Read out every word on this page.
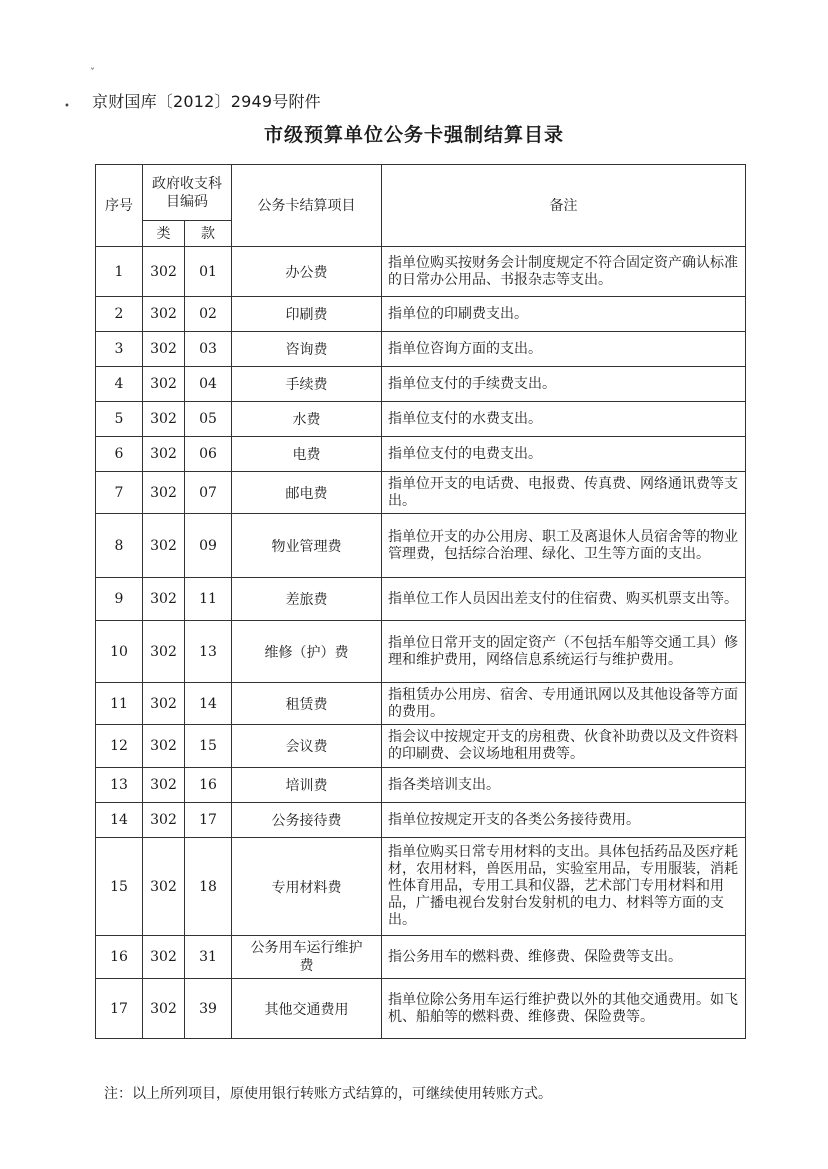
ˇ
• 京财国库〔2012〕2949号附件
市级预算单位公务卡强制结算目录
序号	政府收支科目编码		公务卡结算项目	备注
	类	款		
1	302	01	办公费	指单位购买按财务会计制度规定不符合固定资产确认标准的日常办公用品、书报杂志等支出。
2	302	02	印刷费	指单位的印刷费支出。
3	302	03	咨询费	指单位咨询方面的支出。
4	302	04	手续费	指单位支付的手续费支出。
5	302	05	水费	指单位支付的水费支出。
6	302	06	电费	指单位支付的电费支出。
7	302	07	邮电费	指单位开支的电话费、电报费、传真费、网络通讯费等支出。
8	302	09	物业管理费	指单位开支的办公用房、职工及离退休人员宿舍等的物业管理费，包括综合治理、绿化、卫生等方面的支出。
9	302	11	差旅费	指单位工作人员因出差支付的住宿费、购买机票支出等。
10	302	13	维修（护）费	指单位日常开支的固定资产（不包括车船等交通工具）修理和维护费用，网络信息系统运行与维护费用。
11	302	14	租赁费	指租赁办公用房、宿舍、专用通讯网以及其他设备等方面的费用。
12	302	15	会议费	指会议中按规定开支的房租费、伙食补助费以及文件资料的印刷费、会议场地租用费等。
13	302	16	培训费	指各类培训支出。
14	302	17	公务接待费	指单位按规定开支的各类公务接待费用。
15	302	18	专用材料费	指单位购买日常专用材料的支出。具体包括药品及医疗耗材，农用材料，兽医用品，实验室用品，专用服装，消耗性体育用品，专用工具和仪器，艺术部门专用材料和用品，广播电视台发射台发射机的电力、材料等方面的支出。
16	302	31	公务用车运行维护费	指公务用车的燃料费、维修费、保险费等支出。
17	302	39	其他交通费用	指单位除公务用车运行维护费以外的其他交通费用。如飞机、船舶等的燃料费、维修费、保险费等。
注：以上所列项目，原使用银行转账方式结算的，可继续使用转账方式。
